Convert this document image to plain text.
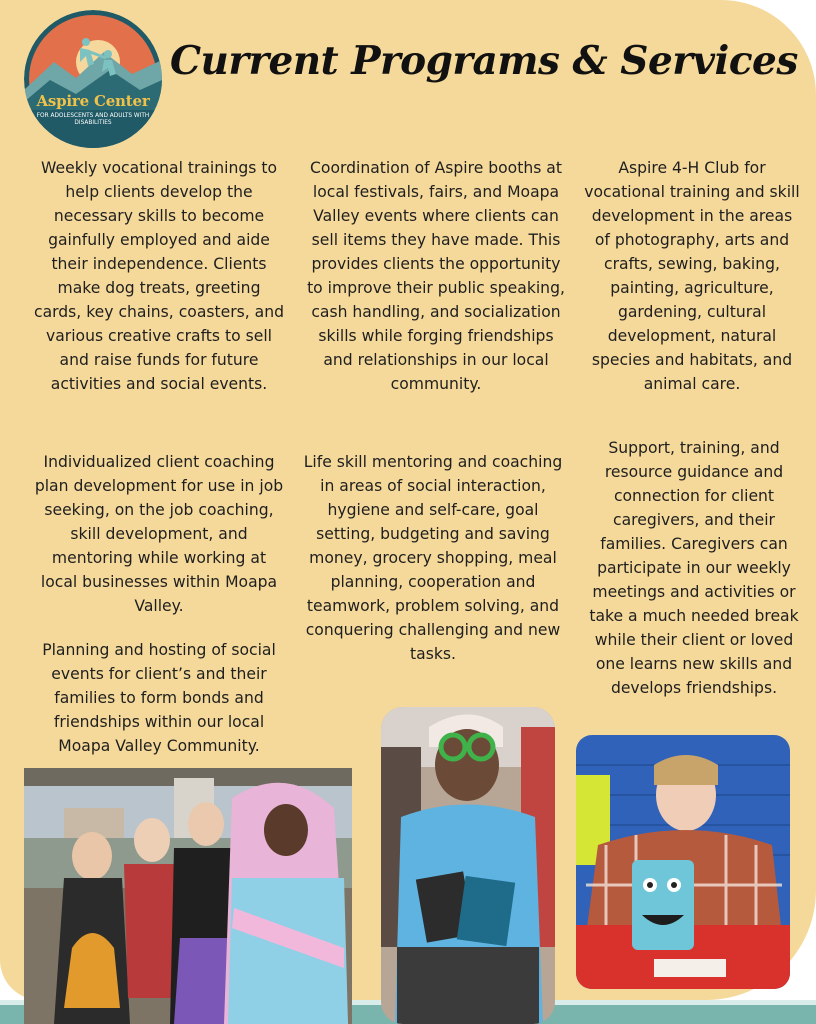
Aspire Center
FOR ADOLESCENTS AND ADULTS WITH DISABILITIES
Current Programs & Services

Weekly vocational trainings to help clients develop the necessary skills to become gainfully employed and aide their independence. Clients make dog treats, greeting cards, key chains, coasters, and various creative crafts to sell and raise funds for future activities and social events.

Individualized client coaching plan development for use in job seeking, on the job coaching, skill development, and mentoring while working at local businesses within Moapa Valley.

Planning and hosting of social events for client’s and their families to form bonds and friendships within our local Moapa Valley Community.

Coordination of Aspire booths at local festivals, fairs, and Moapa Valley events where clients can sell items they have made. This provides clients the opportunity to improve their public speaking, cash handling, and socialization skills while forging friendships and relationships in our local community.

Life skill mentoring and coaching in areas of social interaction, hygiene and self-care, goal setting, budgeting and saving money, grocery shopping, meal planning, cooperation and teamwork, problem solving, and conquering challenging and new tasks.

Aspire 4-H Club for vocational training and skill development in the areas of photography, arts and crafts, sewing, baking, painting, agriculture, gardening, cultural development, natural species and habitats, and animal care.

Support, training, and resource guidance and connection for client caregivers, and their families. Caregivers can participate in our weekly meetings and activities or take a much needed break while their client or loved one learns new skills and develops friendships.
